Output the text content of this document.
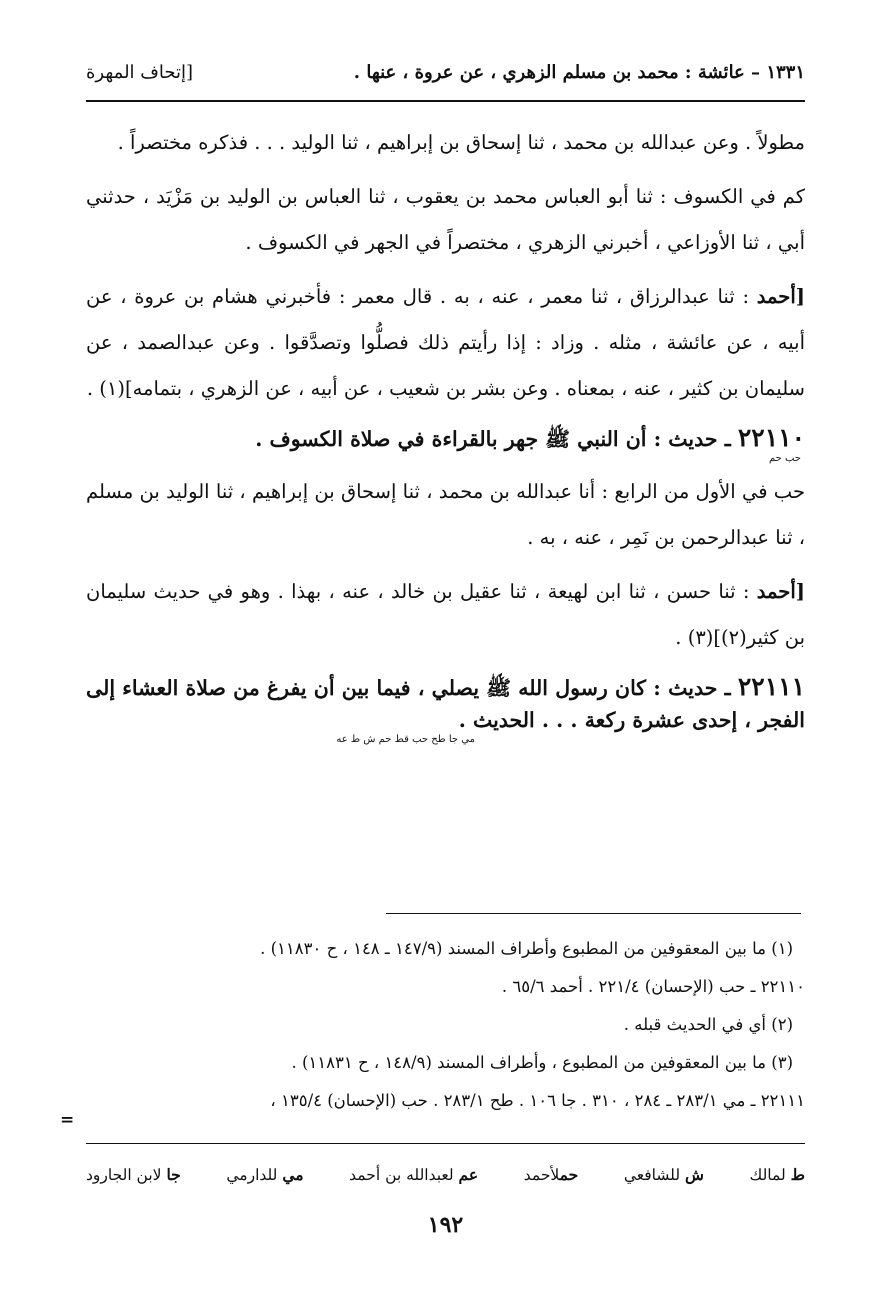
١٣٣١ – عائشة : محمد بن مسلم الزهري ، عن عروة ، عنها .
[إتحاف المهرة

مطولاً . وعن عبدالله بن محمد ، ثنا إسحاق بن إبراهيم ، ثنا الوليد . . . فذكره مختصراً .

كم في الكسوف : ثنا أبو العباس محمد بن يعقوب ، ثنا العباس بن الوليد بن مَزْيَد ، حدثني أبي ، ثنا الأوزاعي ، أخبرني الزهري ، مختصراً في الجهر في الكسوف .

[أحمد : ثنا عبدالرزاق ، ثنا معمر ، عنه ، به . قال معمر : فأخبرني هشام بن عروة ، عن أبيه ، عن عائشة ، مثله . وزاد : إذا رأيتم ذلك فصلُّوا وتصدَّقوا . وعن عبدالصمد ، عن سليمان بن كثير ، عنه ، بمعناه . وعن بشر بن شعيب ، عن أبيه ، عن الزهري ، بتمامه](١) .

٢٢١١٠ ـ حديث : أن النبي ﷺ جهر بالقراءة في صلاة الكسوف .
حب حم

حب في الأول من الرابع : أنا عبدالله بن محمد ، ثنا إسحاق بن إبراهيم ، ثنا الوليد بن مسلم ، ثنا عبدالرحمن بن نَمِر ، عنه ، به .

[أحمد : ثنا حسن ، ثنا ابن لهيعة ، ثنا عقيل بن خالد ، عنه ، بهذا . وهو في حديث سليمان بن كثير(٢)](٣) .

٢٢١١١ ـ حديث : كان رسول الله ﷺ يصلي ، فيما بين أن يفرغ من صلاة العشاء إلى الفجر ، إحدى عشرة ركعة . . . الحديث .
مي جا طح حب قط حم ش ط عه
(١) ما بين المعقوفين من المطبوع وأطراف المسند (١٤٧/٩ ـ ١٤٨ ، ح ١١٨٣٠) .
٢٢١١٠ ـ حب (الإحسان) ٢٢١/٤ . أحمد ٦٥/٦ .
(٢) أي في الحديث قبله .
(٣) ما بين المعقوفين من المطبوع ، وأطراف المسند (١٤٨/٩ ، ح ١١٨٣١) .
٢٢١١١ ـ مي ٢٨٣/١ ـ ٢٨٤ ، ٣١٠ . جا ١٠٦ . طح ٢٨٣/١ . حب (الإحسان) ١٣٥/٤ ،
=
ط لمالك
ش للشافعي
حملأحمد
عم لعبدالله بن أحمد
مي للدارمي
جا لابن الجارود
١٩٢
